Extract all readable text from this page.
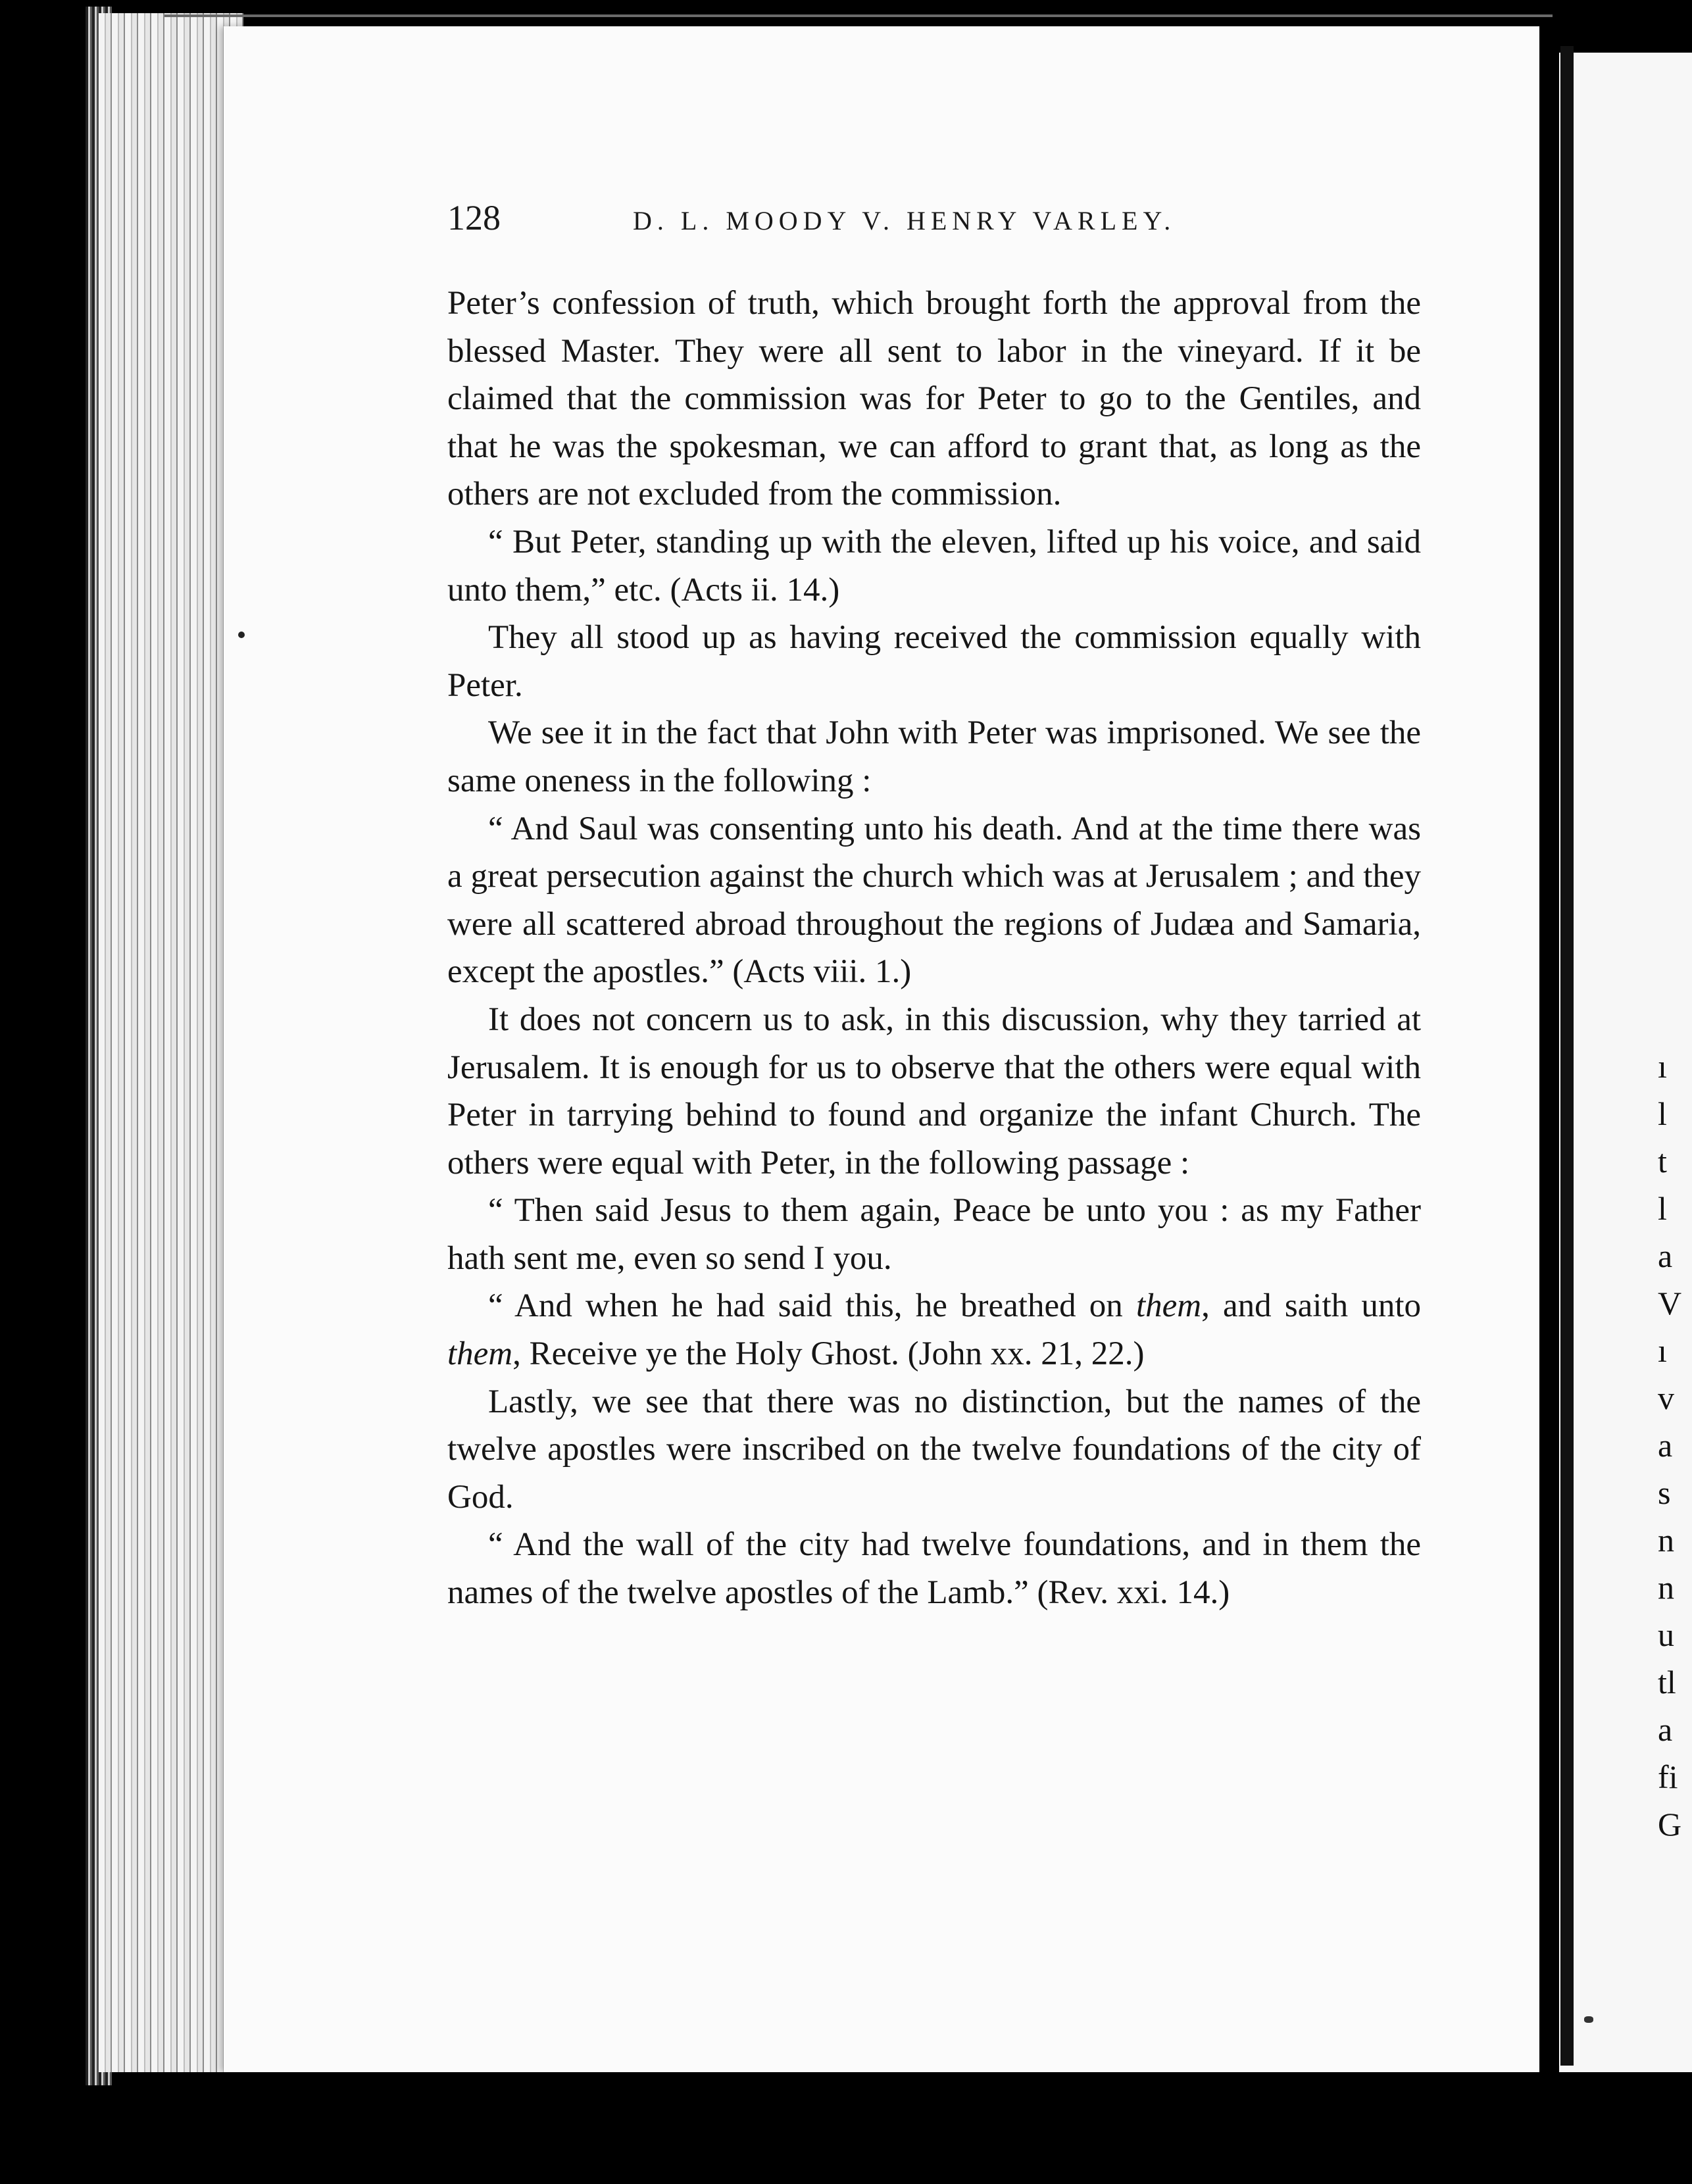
ı
l
t
l
a
V
ı
v
a
s
n
n
u
tl
a
fi
G
128	D. L. MOODY V. HENRY VARLEY.

Peter’s confession of truth, which brought forth the approval from the blessed Master. They were all sent to labor in the vineyard. If it be claimed that the commission was for Peter to go to the Gentiles, and that he was the spokesman, we can afford to grant that, as long as the others are not excluded from the commission.

“ But Peter, standing up with the eleven, lifted up his voice, and said unto them,” etc. (Acts ii. 14.)

They all stood up as having received the commission equally with Peter.

We see it in the fact that John with Peter was imprisoned. We see the same oneness in the following :

“ And Saul was consenting unto his death. And at the time there was a great persecution against the church which was at Jerusalem ; and they were all scattered abroad throughout the regions of Judæa and Samaria, except the apostles.” (Acts viii. 1.)

It does not concern us to ask, in this discussion, why they tarried at Jerusalem. It is enough for us to observe that the others were equal with Peter in tarrying behind to found and organize the infant Church. The others were equal with Peter, in the following passage :

“ Then said Jesus to them again, Peace be unto you : as my Father hath sent me, even so send I you.

“ And when he had said this, he breathed on them, and saith unto them, Receive ye the Holy Ghost. (John xx. 21, 22.)

Lastly, we see that there was no distinction, but the names of the twelve apostles were inscribed on the twelve foundations of the city of God.

“ And the wall of the city had twelve foundations, and in them the names of the twelve apostles of the Lamb.” (Rev. xxi. 14.)
